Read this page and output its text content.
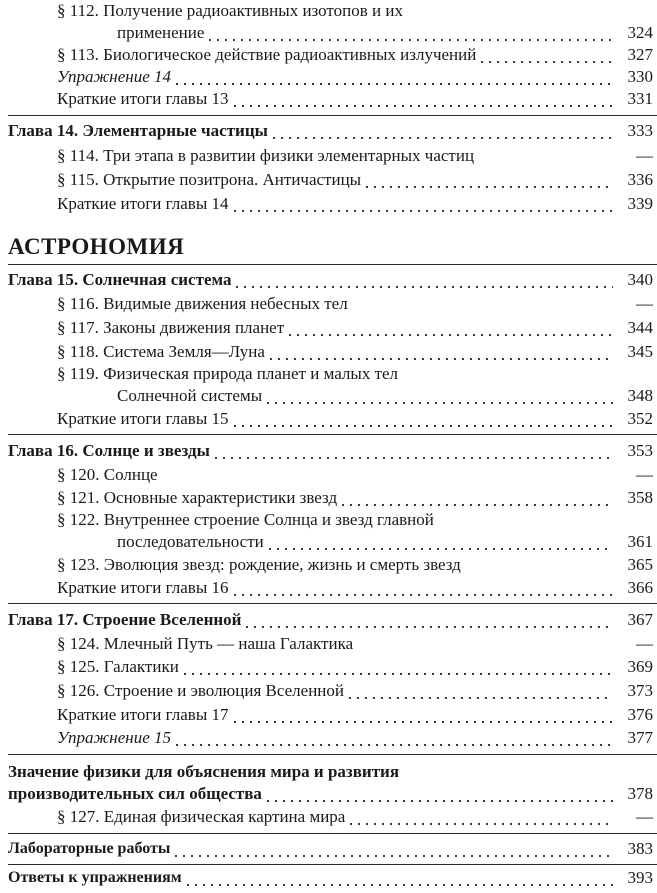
§ 112. Получение радиоактивных изотопов и их
применение	324
§ 113. Биологическое действие радиоактивных излучений	327
Упражнение 14	330
Краткие итоги главы 13	331
Глава 14. Элементарные частицы	333
§ 114. Три этапа в развитии физики элементарных частиц	—
§ 115. Открытие позитрона. Античастицы	336
Краткие итоги главы 14	339
АСТРОНОМИЯ
Глава 15. Солнечная система	340
§ 116. Видимые движения небесных тел	—
§ 117. Законы движения планет	344
§ 118. Система Земля—Луна	345
§ 119. Физическая природа планет и малых тел
Солнечной системы	348
Краткие итоги главы 15	352
Глава 16. Солнце и звезды	353
§ 120. Солнце	—
§ 121. Основные характеристики звезд	358
§ 122. Внутреннее строение Солнца и звезд главной
последовательности	361
§ 123. Эволюция звезд: рождение, жизнь и смерть звезд	365
Краткие итоги главы 16	366
Глава 17. Строение Вселенной	367
§ 124. Млечный Путь — наша Галактика	—
§ 125. Галактики	369
§ 126. Строение и эволюция Вселенной	373
Краткие итоги главы 17	376
Упражнение 15	377
Значение физики для объяснения мира и развития
производительных сил общества	378
§ 127. Единая физическая картина мира	—
Лабораторные работы	383
Ответы к упражнениям	393
